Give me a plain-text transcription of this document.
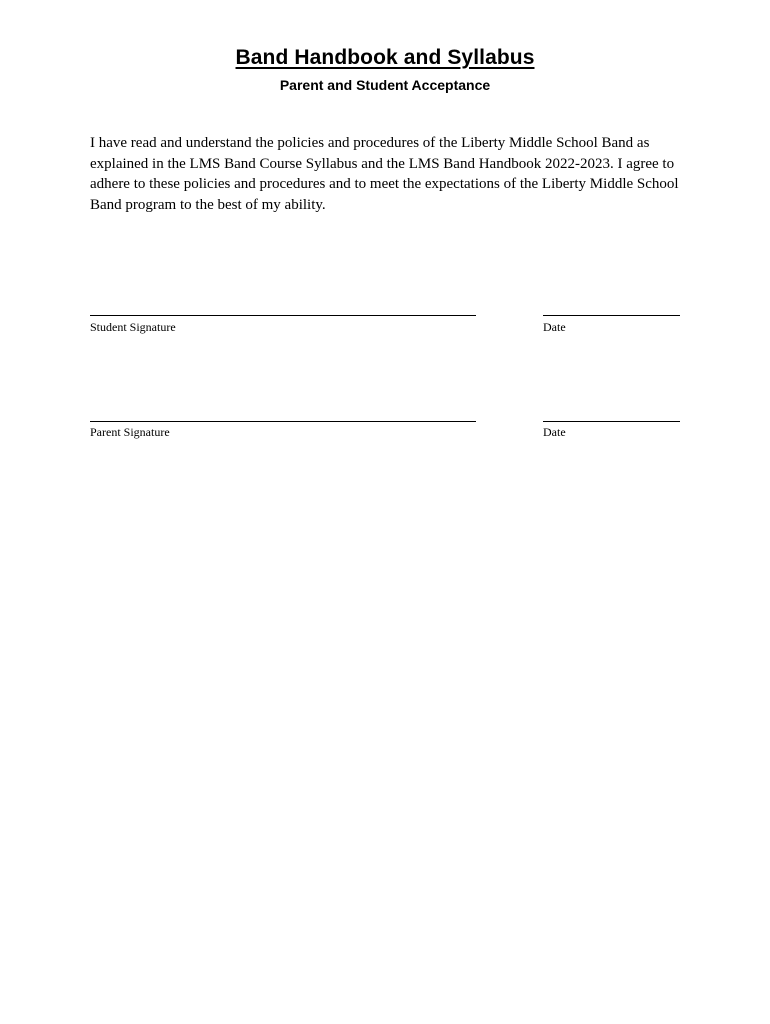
Band Handbook and Syllabus
Parent and Student Acceptance
I have read and understand the policies and procedures of the Liberty Middle School Band as explained in the LMS Band Course Syllabus and the LMS Band Handbook 2022-2023. I agree to adhere to these policies and procedures and to meet the expectations of the Liberty Middle School Band program to the best of my ability.
Student Signature	Date
Parent Signature	Date
